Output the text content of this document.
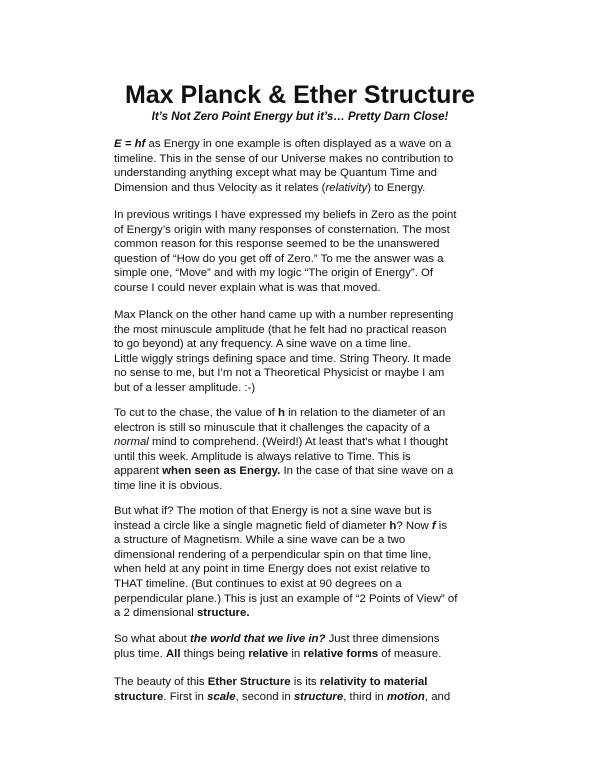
Max Planck & Ether Structure
It’s Not Zero Point Energy but it’s… Pretty Darn Close!
E = hf as Energy in one example is often displayed as a wave on a
timeline. This in the sense of our Universe makes no contribution to
understanding anything except what may be Quantum Time and
Dimension and thus Velocity as it relates (relativity) to Energy.
In previous writings I have expressed my beliefs in Zero as the point
of Energy’s origin with many responses of consternation. The most
common reason for this response seemed to be the unanswered
question of “How do you get off of Zero.” To me the answer was a
simple one, “Move” and with my logic “The origin of Energy”. Of
course I could never explain what is was that moved.
Max Planck on the other hand came up with a number representing
the most minuscule amplitude (that he felt had no practical reason
to go beyond) at any frequency. A sine wave on a time line.
Little wiggly strings defining space and time. String Theory. It made
no sense to me, but I’m not a Theoretical Physicist or maybe I am
but of a lesser amplitude. :-)
To cut to the chase, the value of h in relation to the diameter of an
electron is still so minuscule that it challenges the capacity of a
normal mind to comprehend. (Weird!) At least that’s what I thought
until this week. Amplitude is always relative to Time. This is
apparent when seen as Energy. In the case of that sine wave on a
time line it is obvious.
But what if? The motion of that Energy is not a sine wave but is
instead a circle like a single magnetic field of diameter h? Now f is
a structure of Magnetism. While a sine wave can be a two
dimensional rendering of a perpendicular spin on that time line,
when held at any point in time Energy does not exist relative to
THAT timeline. (But continues to exist at 90 degrees on a
perpendicular plane.) This is just an example of “2 Points of View” of
a 2 dimensional structure.
So what about the world that we live in? Just three dimensions
plus time. All things being relative in relative forms of measure.
The beauty of this Ether Structure is its relativity to material
structure. First in scale, second in structure, third in motion, and
